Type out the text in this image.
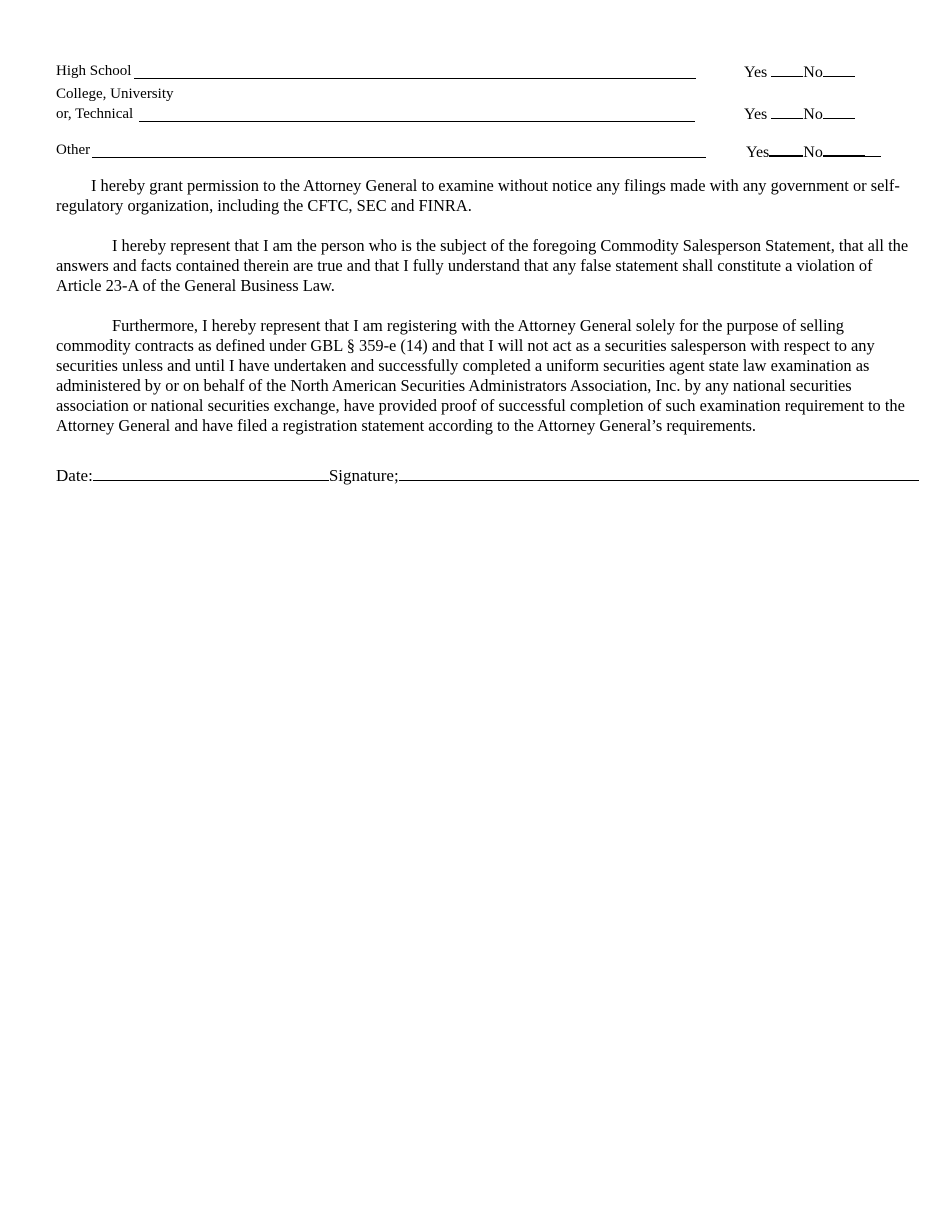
High School	Yes No
College, University
or, Technical	Yes No
Other	Yes No

I hereby grant permission to the Attorney General to examine without notice any filings made with any government or self-regulatory organization, including the CFTC, SEC and FINRA.

I hereby represent that I am the person who is the subject of the foregoing Commodity Salesperson Statement, that all the answers and facts contained therein are true and that I fully understand that any false statement shall constitute a violation of Article 23-A of the General Business Law.

Furthermore, I hereby represent that I am registering with the Attorney General solely for the purpose of selling commodity contracts as defined under GBL § 359-e (14) and that I will not act as a securities salesperson with respect to any securities unless and until I have undertaken and successfully completed a uniform securities agent state law examination as administered by or on behalf of the North American Securities Administrators Association, Inc. by any national securities association or national securities exchange, have provided proof of successful completion of such examination requirement to the Attorney General and have filed a registration statement according to the Attorney General’s requirements.

Date:	Signature;
